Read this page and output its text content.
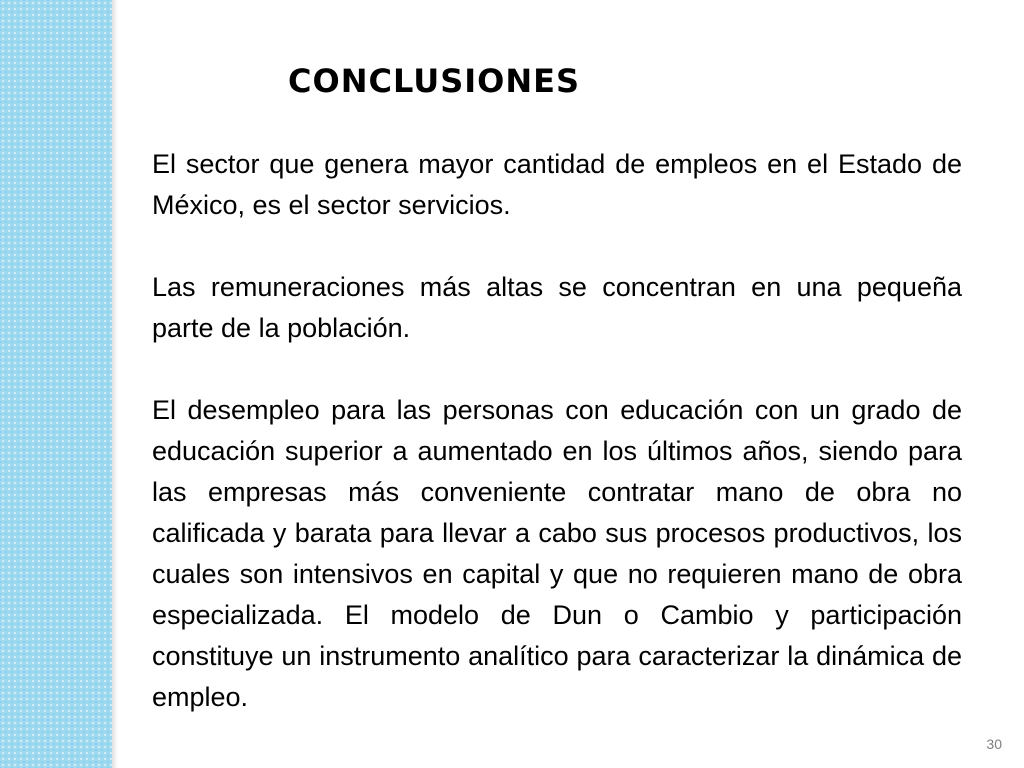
CONCLUSIONES

El sector que genera mayor cantidad de empleos en el Estado de México, es el sector servicios.

Las remuneraciones más altas se concentran en una pequeña parte de la población.

El desempleo para las personas con educación con un grado de educación superior a aumentado en los últimos años, siendo para las empresas más conveniente contratar mano de obra no calificada y barata para llevar a cabo sus procesos productivos, los cuales son intensivos en capital y que no requieren mano de obra especializada. El modelo de Dun o Cambio y participación constituye un instrumento analítico para caracterizar la dinámica de empleo.

30
